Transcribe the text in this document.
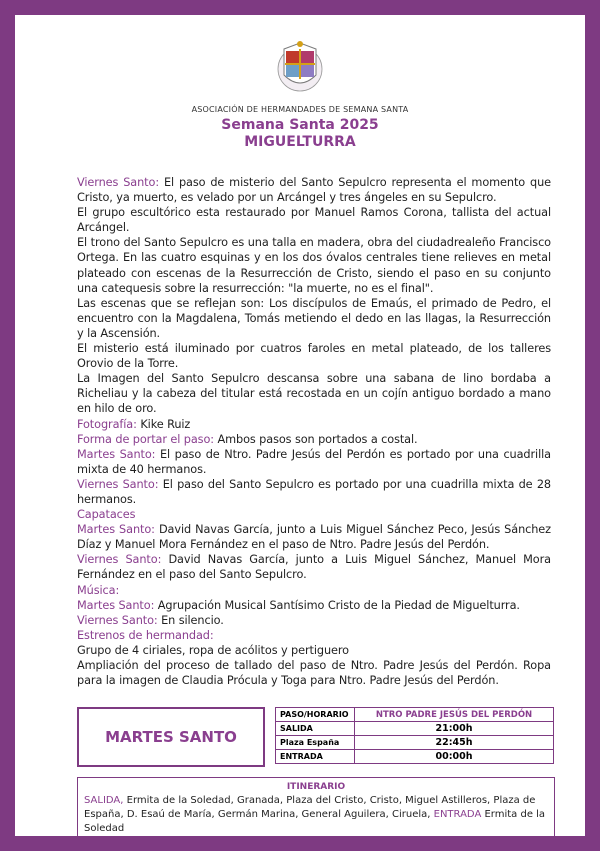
ASOCIACIÓN DE HERMANDADES DE SEMANA SANTA
Semana Santa 2025
MIGUELTURRA

Viernes Santo: El paso de misterio del Santo Sepulcro representa el momento que Cristo, ya muerto, es velado por un Arcángel y tres ángeles en su Sepulcro.

El grupo escultórico esta restaurado por Manuel Ramos Corona, tallista del actual Arcángel.

El trono del Santo Sepulcro es una talla en madera, obra del ciudadrealeño Francisco Ortega. En las cuatro esquinas y en los dos óvalos centrales tiene relieves en metal plateado con escenas de la Resurrección de Cristo, siendo el paso en su conjunto una catequesis sobre la resurrección: "la muerte, no es el final".

Las escenas que se reflejan son: Los discípulos de Emaús, el primado de Pedro, el encuentro con la Magdalena, Tomás metiendo el dedo en las llagas, la Resurrección y la Ascensión.

El misterio está iluminado por cuatros faroles en metal plateado, de los talleres Orovio de la Torre.

La Imagen del Santo Sepulcro descansa sobre una sabana de lino bordaba a Richeliau y la cabeza del titular está recostada en un cojín antiguo bordado a mano en hilo de oro.

Fotografía: Kike Ruiz

Forma de portar el paso: Ambos pasos son portados a costal.

Martes Santo: El paso de Ntro. Padre Jesús del Perdón es portado por una cuadrilla mixta de 40 hermanos.

Viernes Santo: El paso del Santo Sepulcro es portado por una cuadrilla mixta de 28 hermanos.

Capataces

Martes Santo: David Navas García, junto a Luis Miguel Sánchez Peco, Jesús Sánchez Díaz y Manuel Mora Fernández en el paso de Ntro. Padre Jesús del Perdón.

Viernes Santo: David Navas García, junto a Luis Miguel Sánchez, Manuel Mora Fernández en el paso del Santo Sepulcro.

Música:

Martes Santo: Agrupación Musical Santísimo Cristo de la Piedad de Miguelturra.

Viernes Santo: En silencio.

Estrenos de hermandad:

Grupo de 4 ciriales, ropa de acólitos y pertiguero

Ampliación del proceso de tallado del paso de Ntro. Padre Jesús del Perdón. Ropa para la imagen de Claudia Prócula y Toga para Ntro. Padre Jesús del Perdón.

MARTES SANTO
PASO/HORARIO	NTRO PADRE JESÚS DEL PERDÓN
SALIDA	21:00h
Plaza España	22:45h
ENTRADA	00:00h
ITINERARIO
SALIDA, Ermita de la Soledad, Granada, Plaza del Cristo, Cristo, Miguel Astilleros, Plaza de España, D. Esaú de María, Germán Marina, General Aguilera, Ciruela, ENTRADA Ermita de la Soledad
